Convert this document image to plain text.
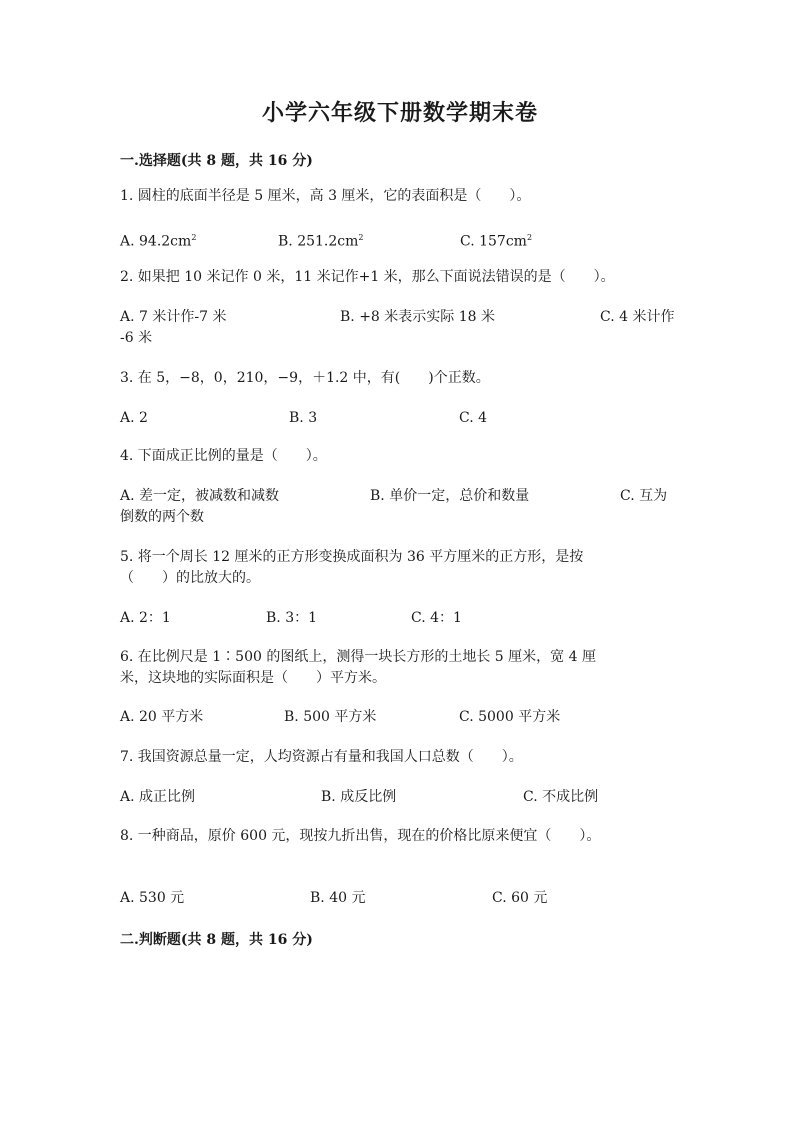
小学六年级下册数学期末卷
一.选择题(共 8 题，共 16 分)
1. 圆柱的底面半径是 5 厘米，高 3 厘米，它的表面积是（　　）。
A. $94.2cm^2$	B. $251.2cm^2$	C. $157cm^2$
2. 如果把 10 米记作 0 米，11 米记作+1 米，那么下面说法错误的是（　　）。
A. 7 米计作-7 米	B. +8 米表示实际 18 米	C. 4 米计作
-6 米
3. 在 5，−8，0，210，−9，＋1.2 中，有(　　)个正数。
A. 2	B. 3	C. 4
4. 下面成正比例的量是（　　）。
A. 差一定，被减数和减数	B. 单价一定，总价和数量	C. 互为
倒数的两个数
5. 将一个周长 12 厘米的正方形变换成面积为 36 平方厘米的正方形，是按
（　　）的比放大的。
A. 2：1	B. 3：1	C. 4：1
6. 在比例尺是 1∶500 的图纸上，测得一块长方形的土地长 5 厘米，宽 4 厘
米，这块地的实际面积是（　　）平方米。
A. 20 平方米	B. 500 平方米	C. 5000 平方米
7. 我国资源总量一定，人均资源占有量和我国人口总数（　　）。
A. 成正比例	B. 成反比例	C. 不成比例
8. 一种商品，原价 600 元，现按九折出售，现在的价格比原来便宜（　　）。
A. 530 元	B. 40 元	C. 60 元
二.判断题(共 8 题，共 16 分)
